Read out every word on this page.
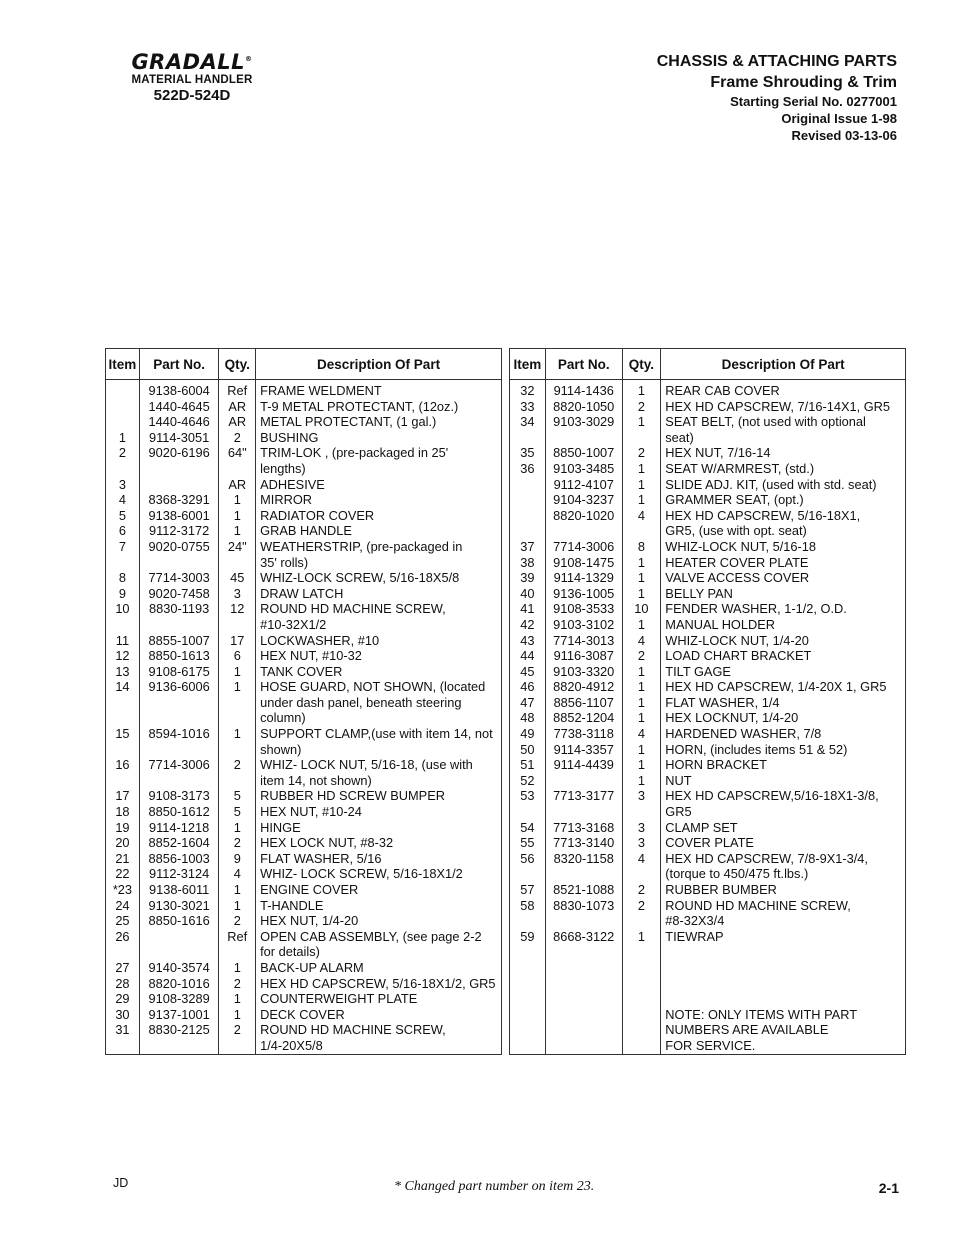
GRADALL®
MATERIAL HANDLER
522D-524D
CHASSIS & ATTACHING PARTS
Frame Shrouding & Trim
Starting Serial No. 0277001
Original Issue 1-98
Revised 03-13-06
Item	Part No.	Qty.	Description Of Part
	9138-6004	Ref	FRAME WELDMENT
	1440-4645	AR	T-9 METAL PROTECTANT, (12oz.)
	1440-4646	AR	METAL PROTECTANT, (1 gal.)
1	9114-3051	2	BUSHING
2	9020-6196	64"	TRIM-LOK , (pre-packaged in 25'
			lengths)
3		AR	ADHESIVE
4	8368-3291	1	MIRROR
5	9138-6001	1	RADIATOR COVER
6	9112-3172	1	GRAB HANDLE
7	9020-0755	24"	WEATHERSTRIP, (pre-packaged in
			35' rolls)
8	7714-3003	45	WHIZ-LOCK SCREW, 5/16-18X5/8
9	9020-7458	3	DRAW LATCH
10	8830-1193	12	ROUND HD MACHINE SCREW,
			#10-32X1/2
11	8855-1007	17	LOCKWASHER, #10
12	8850-1613	6	HEX NUT, #10-32
13	9108-6175	1	TANK COVER
14	9136-6006	1	HOSE GUARD, NOT SHOWN, (located
			under dash panel, beneath steering
			column)
15	8594-1016	1	SUPPORT CLAMP,(use with item 14, not
			shown)
16	7714-3006	2	WHIZ- LOCK NUT, 5/16-18, (use with
			item 14, not shown)
17	9108-3173	5	RUBBER HD SCREW BUMPER
18	8850-1612	5	HEX NUT, #10-24
19	9114-1218	1	HINGE
20	8852-1604	2	HEX LOCK NUT, #8-32
21	8856-1003	9	FLAT WASHER, 5/16
22	9112-3124	4	WHIZ- LOCK SCREW, 5/16-18X1/2
*23	9138-6011	1	ENGINE COVER
24	9130-3021	1	T-HANDLE
25	8850-1616	2	HEX NUT, 1/4-20
26		Ref	OPEN CAB ASSEMBLY, (see page 2-2
			for details)
27	9140-3574	1	BACK-UP ALARM
28	8820-1016	2	HEX HD CAPSCREW, 5/16-18X1/2, GR5
29	9108-3289	1	COUNTERWEIGHT PLATE
30	9137-1001	1	DECK COVER
31	8830-2125	2	ROUND HD MACHINE SCREW,
			1/4-20X5/8
Item	Part No.	Qty.	Description Of Part
32	9114-1436	1	REAR CAB COVER
33	8820-1050	2	HEX HD CAPSCREW, 7/16-14X1, GR5
34	9103-3029	1	SEAT BELT, (not used with optional
			seat)
35	8850-1007	2	HEX NUT, 7/16-14
36	9103-3485	1	SEAT W/ARMREST, (std.)
	9112-4107	1	SLIDE ADJ. KIT, (used with std. seat)
	9104-3237	1	GRAMMER SEAT, (opt.)
	8820-1020	4	HEX HD CAPSCREW, 5/16-18X1,
			GR5, (use with opt. seat)
37	7714-3006	8	WHIZ-LOCK NUT, 5/16-18
38	9108-1475	1	HEATER COVER PLATE
39	9114-1329	1	VALVE ACCESS COVER
40	9136-1005	1	BELLY PAN
41	9108-3533	10	FENDER WASHER, 1-1/2, O.D.
42	9103-3102	1	MANUAL HOLDER
43	7714-3013	4	WHIZ-LOCK NUT, 1/4-20
44	9116-3087	2	LOAD CHART BRACKET
45	9103-3320	1	TILT GAGE
46	8820-4912	1	HEX HD CAPSCREW, 1/4-20X 1, GR5
47	8856-1107	1	FLAT WASHER, 1/4
48	8852-1204	1	HEX LOCKNUT, 1/4-20
49	7738-3118	4	HARDENED WASHER, 7/8
50	9114-3357	1	HORN, (includes items 51 & 52)
51	9114-4439	1	HORN BRACKET
52		1	NUT
53	7713-3177	3	HEX HD CAPSCREW,5/16-18X1-3/8,
			GR5
54	7713-3168	3	CLAMP SET
55	7713-3140	3	COVER PLATE
56	8320-1158	4	HEX HD CAPSCREW, 7/8-9X1-3/4,
			(torque to 450/475 ft.lbs.)
57	8521-1088	2	RUBBER BUMBER
58	8830-1073	2	ROUND HD MACHINE SCREW,
			#8-32X3/4
59	8668-3122	1	TIEWRAP

			NOTE: ONLY ITEMS WITH PART
			NUMBERS ARE AVAILABLE
			FOR SERVICE.
JD	* Changed part number on item 23.	2-1
